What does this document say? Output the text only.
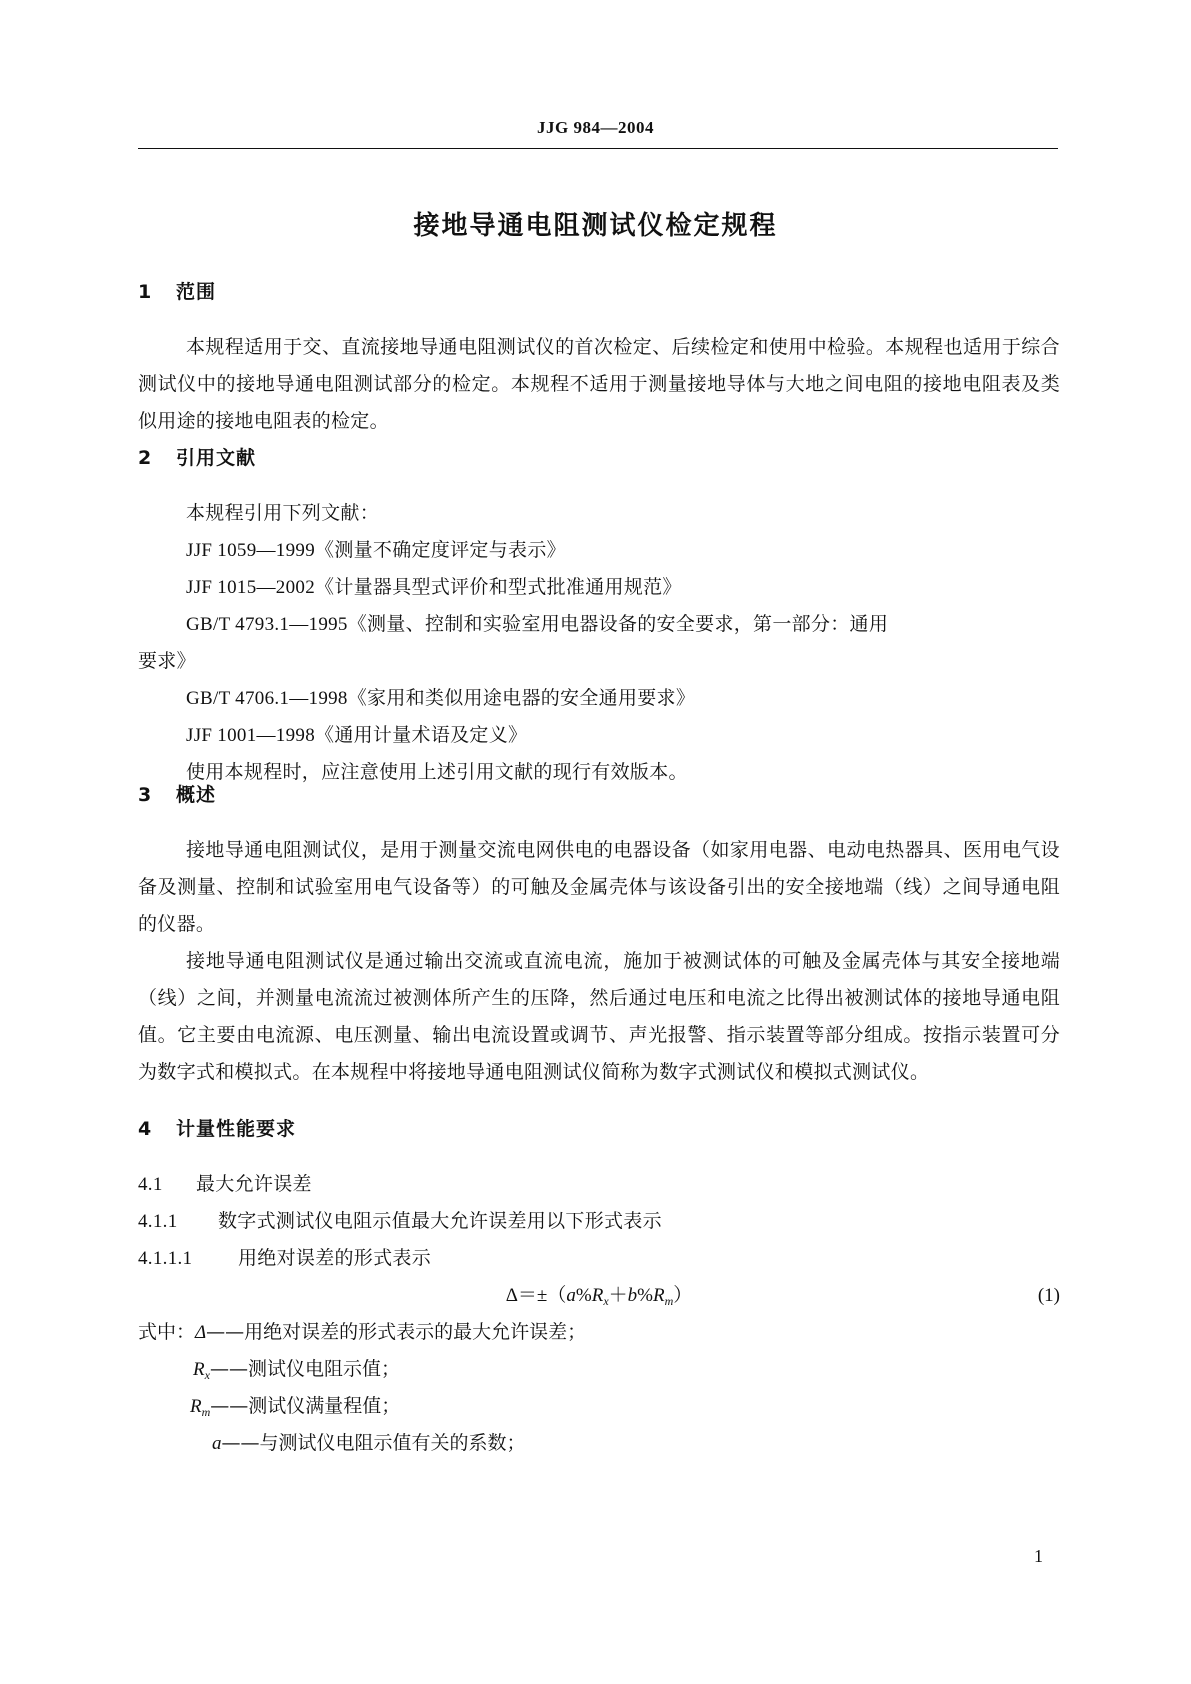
JJG 984—2004
接地导通电阻测试仪检定规程
1 范围
本规程适用于交、直流接地导通电阻测试仪的首次检定、后续检定和使用中检验。本规程也适用于综合测试仪中的接地导通电阻测试部分的检定。本规程不适用于测量接地导体与大地之间电阻的接地电阻表及类似用途的接地电阻表的检定。
2 引用文献
本规程引用下列文献：
JJF 1059—1999《测量不确定度评定与表示》
JJF 1015—2002《计量器具型式评价和型式批准通用规范》
GB/T 4793.1—1995《测量、控制和实验室用电器设备的安全要求，第一部分：通用
要求》
GB/T 4706.1—1998《家用和类似用途电器的安全通用要求》
JJF 1001—1998《通用计量术语及定义》
使用本规程时，应注意使用上述引用文献的现行有效版本。
3 概述
接地导通电阻测试仪，是用于测量交流电网供电的电器设备（如家用电器、电动电热器具、医用电气设备及测量、控制和试验室用电气设备等）的可触及金属壳体与该设备引出的安全接地端（线）之间导通电阻的仪器。
接地导通电阻测试仪是通过输出交流或直流电流，施加于被测试体的可触及金属壳体与其安全接地端（线）之间，并测量电流流过被测体所产生的压降，然后通过电压和电流之比得出被测试体的接地导通电阻值。它主要由电流源、电压测量、输出电流设置或调节、声光报警、指示装置等部分组成。按指示装置可分为数字式和模拟式。在本规程中将接地导通电阻测试仪简称为数字式测试仪和模拟式测试仪。
4 计量性能要求
4.1 最大允许误差
4.1.1 数字式测试仪电阻示值最大允许误差用以下形式表示
4.1.1.1 用绝对误差的形式表示
$\Delta=\pm(a\%R_x+b\%R_m)$	(1)
式中：Δ——用绝对误差的形式表示的最大允许误差；
$R_x——$测试仪电阻示值；
$R_m——$测试仪满量程值；
a——与测试仪电阻示值有关的系数；
1
